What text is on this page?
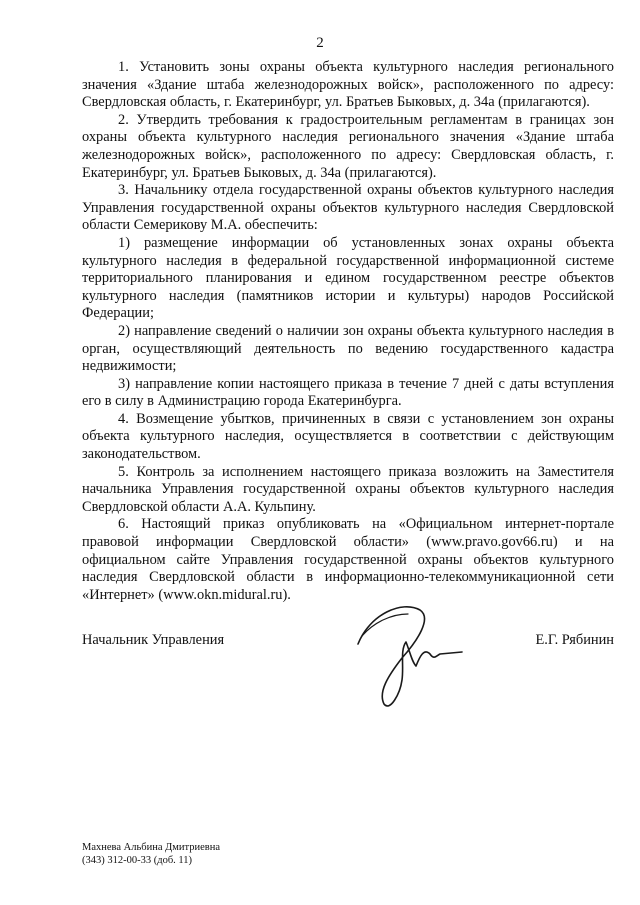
2

1. Установить зоны охраны объекта культурного наследия регионального значения «Здание штаба железнодорожных войск», расположенного по адресу: Свердловская область, г. Екатеринбург, ул. Братьев Быковых, д. 34а (прилагаются).

2. Утвердить требования к градостроительным регламентам в границах зон охраны объекта культурного наследия регионального значения «Здание штаба железнодорожных войск», расположенного по адресу: Свердловская область, г. Екатеринбург, ул. Братьев Быковых, д. 34а (прилагаются).

3. Начальнику отдела государственной охраны объектов культурного наследия Управления государственной охраны объектов культурного наследия Свердловской области Семерикову М.А. обеспечить:

1) размещение информации об установленных зонах охраны объекта культурного наследия в федеральной государственной информационной системе территориального планирования и едином государственном реестре объектов культурного наследия (памятников истории и культуры) народов Российской Федерации;

2) направление сведений о наличии зон охраны объекта культурного наследия в орган, осуществляющий деятельность по ведению государственного кадастра недвижимости;

3) направление копии настоящего приказа в течение 7 дней с даты вступления его в силу в Администрацию города Екатеринбурга.

4. Возмещение убытков, причиненных в связи с установлением зон охраны объекта культурного наследия, осуществляется в соответствии с действующим законодательством.

5. Контроль за исполнением настоящего приказа возложить на Заместителя начальника Управления государственной охраны объектов культурного наследия Свердловской области А.А. Кульпину.

6. Настоящий приказ опубликовать на «Официальном интернет-портале правовой информации Свердловской области» (www.pravo.gov66.ru) и на официальном сайте Управления государственной охраны объектов культурного наследия Свердловской области в информационно-телекоммуникационной сети «Интернет» (www.okn.midural.ru).

Начальник Управления	Е.Г. Рябинин
Махнева Альбина Дмитриевна
(343) 312-00-33 (доб. 11)
